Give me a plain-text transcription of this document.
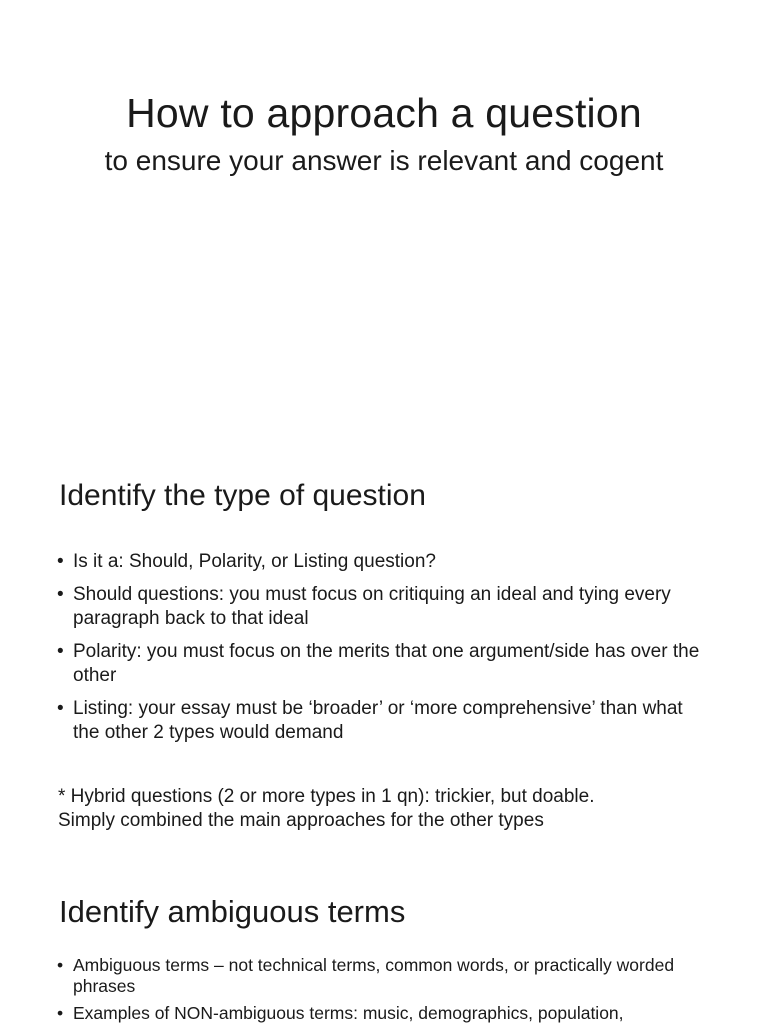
How to approach a question

to ensure your answer is relevant and cogent

Identify the type of question
• Is it a: Should, Polarity, or Listing question?
• Should questions: you must focus on critiquing an ideal and tying every paragraph back to that ideal
• Polarity: you must focus on the merits that one argument/side has over the other
• Listing: your essay must be ‘broader’ or ‘more comprehensive’ than what the other 2 types would demand

* Hybrid questions (2 or more types in 1 qn): trickier, but doable.
Simply combined the main approaches for the other types

Identify ambiguous terms
• Ambiguous terms – not technical terms, common words, or practically worded phrases
• Examples of NON-ambiguous terms: music, demographics, population,
